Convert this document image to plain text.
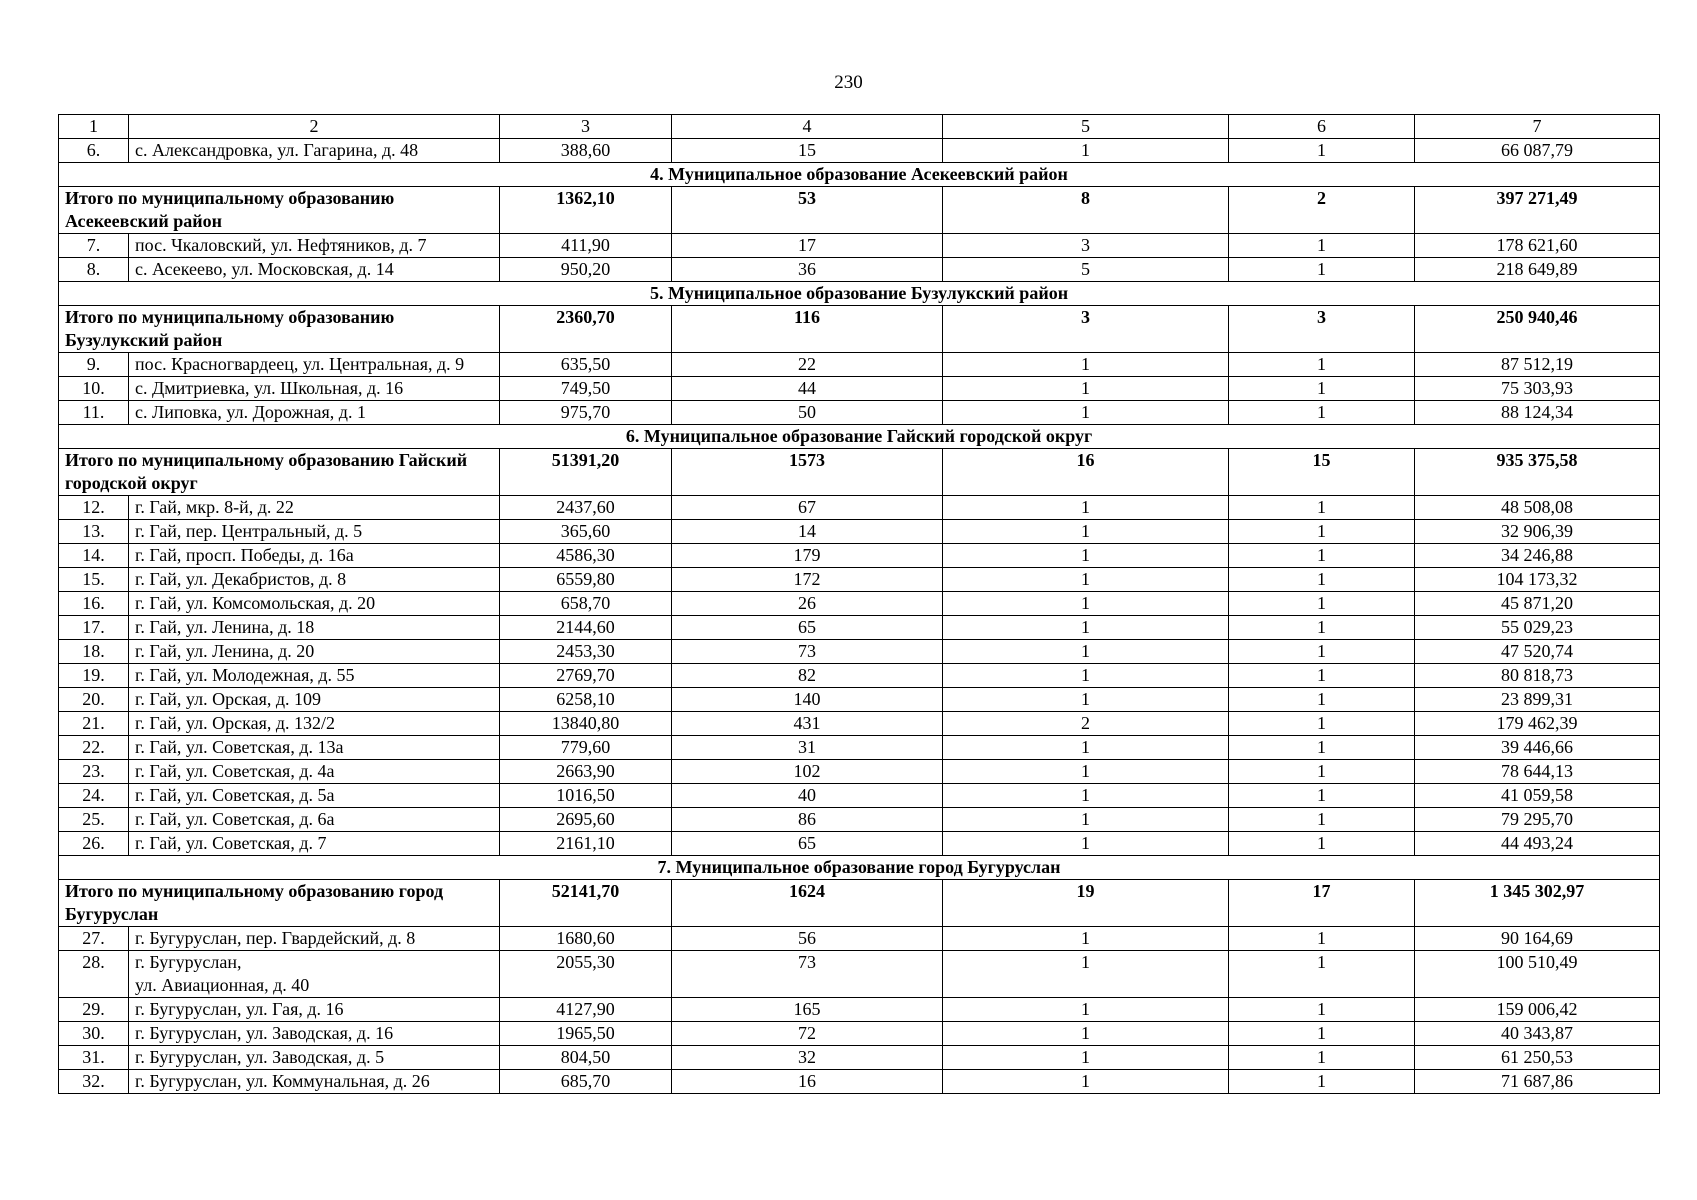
230
1	2	3	4	5	6	7
6.	с. Александровка, ул. Гагарина, д. 48	388,60	15	1	1	66 087,79
4. Муниципальное образование Асекеевский район						
Итого по муниципальному образованию Асекеевский район		1362,10	53	8	2	397 271,49
7.	пос. Чкаловский, ул. Нефтяников, д. 7	411,90	17	3	1	178 621,60
8.	с. Асекеево, ул. Московская, д. 14	950,20	36	5	1	218 649,89
5. Муниципальное образование Бузулукский район						
Итого по муниципальному образованию Бузулукский район		2360,70	116	3	3	250 940,46
9.	пос. Красногвардеец, ул. Центральная, д. 9	635,50	22	1	1	87 512,19
10.	с. Дмитриевка, ул. Школьная, д. 16	749,50	44	1	1	75 303,93
11.	с. Липовка, ул. Дорожная, д. 1	975,70	50	1	1	88 124,34
6. Муниципальное образование Гайский городской округ						
Итого по муниципальному образованию Гайский городской округ		51391,20	1573	16	15	935 375,58
12.	г. Гай, мкр. 8-й, д. 22	2437,60	67	1	1	48 508,08
13.	г. Гай, пер. Центральный, д. 5	365,60	14	1	1	32 906,39
14.	г. Гай, просп. Победы, д. 16а	4586,30	179	1	1	34 246,88
15.	г. Гай, ул. Декабристов, д. 8	6559,80	172	1	1	104 173,32
16.	г. Гай, ул. Комсомольская, д. 20	658,70	26	1	1	45 871,20
17.	г. Гай, ул. Ленина, д. 18	2144,60	65	1	1	55 029,23
18.	г. Гай, ул. Ленина, д. 20	2453,30	73	1	1	47 520,74
19.	г. Гай, ул. Молодежная, д. 55	2769,70	82	1	1	80 818,73
20.	г. Гай, ул. Орская, д. 109	6258,10	140	1	1	23 899,31
21.	г. Гай, ул. Орская, д. 132/2	13840,80	431	2	1	179 462,39
22.	г. Гай, ул. Советская, д. 13а	779,60	31	1	1	39 446,66
23.	г. Гай, ул. Советская, д. 4а	2663,90	102	1	1	78 644,13
24.	г. Гай, ул. Советская, д. 5а	1016,50	40	1	1	41 059,58
25.	г. Гай, ул. Советская, д. 6а	2695,60	86	1	1	79 295,70
26.	г. Гай, ул. Советская, д. 7	2161,10	65	1	1	44 493,24
7. Муниципальное образование город Бугуруслан						
Итого по муниципальному образованию город Бугуруслан		52141,70	1624	19	17	1 345 302,97
27.	г. Бугуруслан, пер. Гвардейский, д. 8	1680,60	56	1	1	90 164,69
28.	г. Бугуруслан,
ул. Авиационная, д. 40	2055,30	73	1	1	100 510,49
29.	г. Бугуруслан, ул. Гая, д. 16	4127,90	165	1	1	159 006,42
30.	г. Бугуруслан, ул. Заводская, д. 16	1965,50	72	1	1	40 343,87
31.	г. Бугуруслан, ул. Заводская, д. 5	804,50	32	1	1	61 250,53
32.	г. Бугуруслан, ул. Коммунальная, д. 26	685,70	16	1	1	71 687,86
